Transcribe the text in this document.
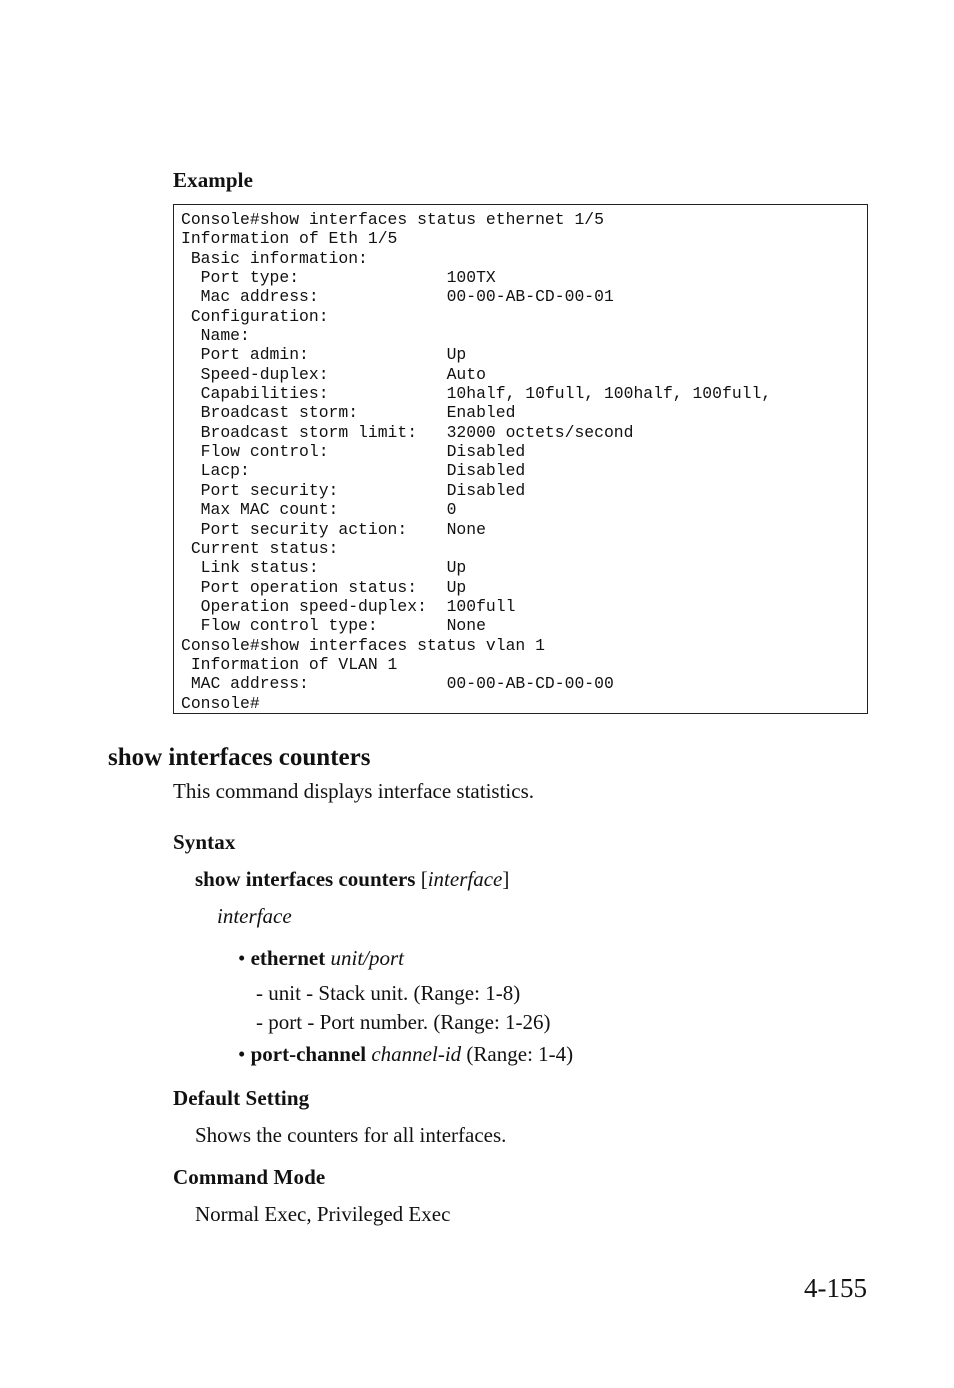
Example
Console#show interfaces status ethernet 1/5
Information of Eth 1/5
Basic information:
Port type:               100TX
Mac address:             00-00-AB-CD-00-01
Configuration:
Name:
Port admin:              Up
Speed-duplex:            Auto
Capabilities:            10half, 10full, 100half, 100full,
Broadcast storm:         Enabled
Broadcast storm limit:   32000 octets/second
Flow control:            Disabled
Lacp:                    Disabled
Port security:           Disabled
Max MAC count:           0
Port security action:    None
Current status:
Link status:             Up
Port operation status:   Up
Operation speed-duplex:  100full
Flow control type:       None
Console#show interfaces status vlan 1
Information of VLAN 1
MAC address:              00-00-AB-CD-00-00
Console#
show interfaces counters
This command displays interface statistics.
Syntax
show interfaces counters [interface]
interface
• ethernet unit/port
- unit - Stack unit. (Range: 1-8)
- port - Port number. (Range: 1-26)
• port-channel channel-id (Range: 1-4)
Default Setting
Shows the counters for all interfaces.
Command Mode
Normal Exec, Privileged Exec
4-155
